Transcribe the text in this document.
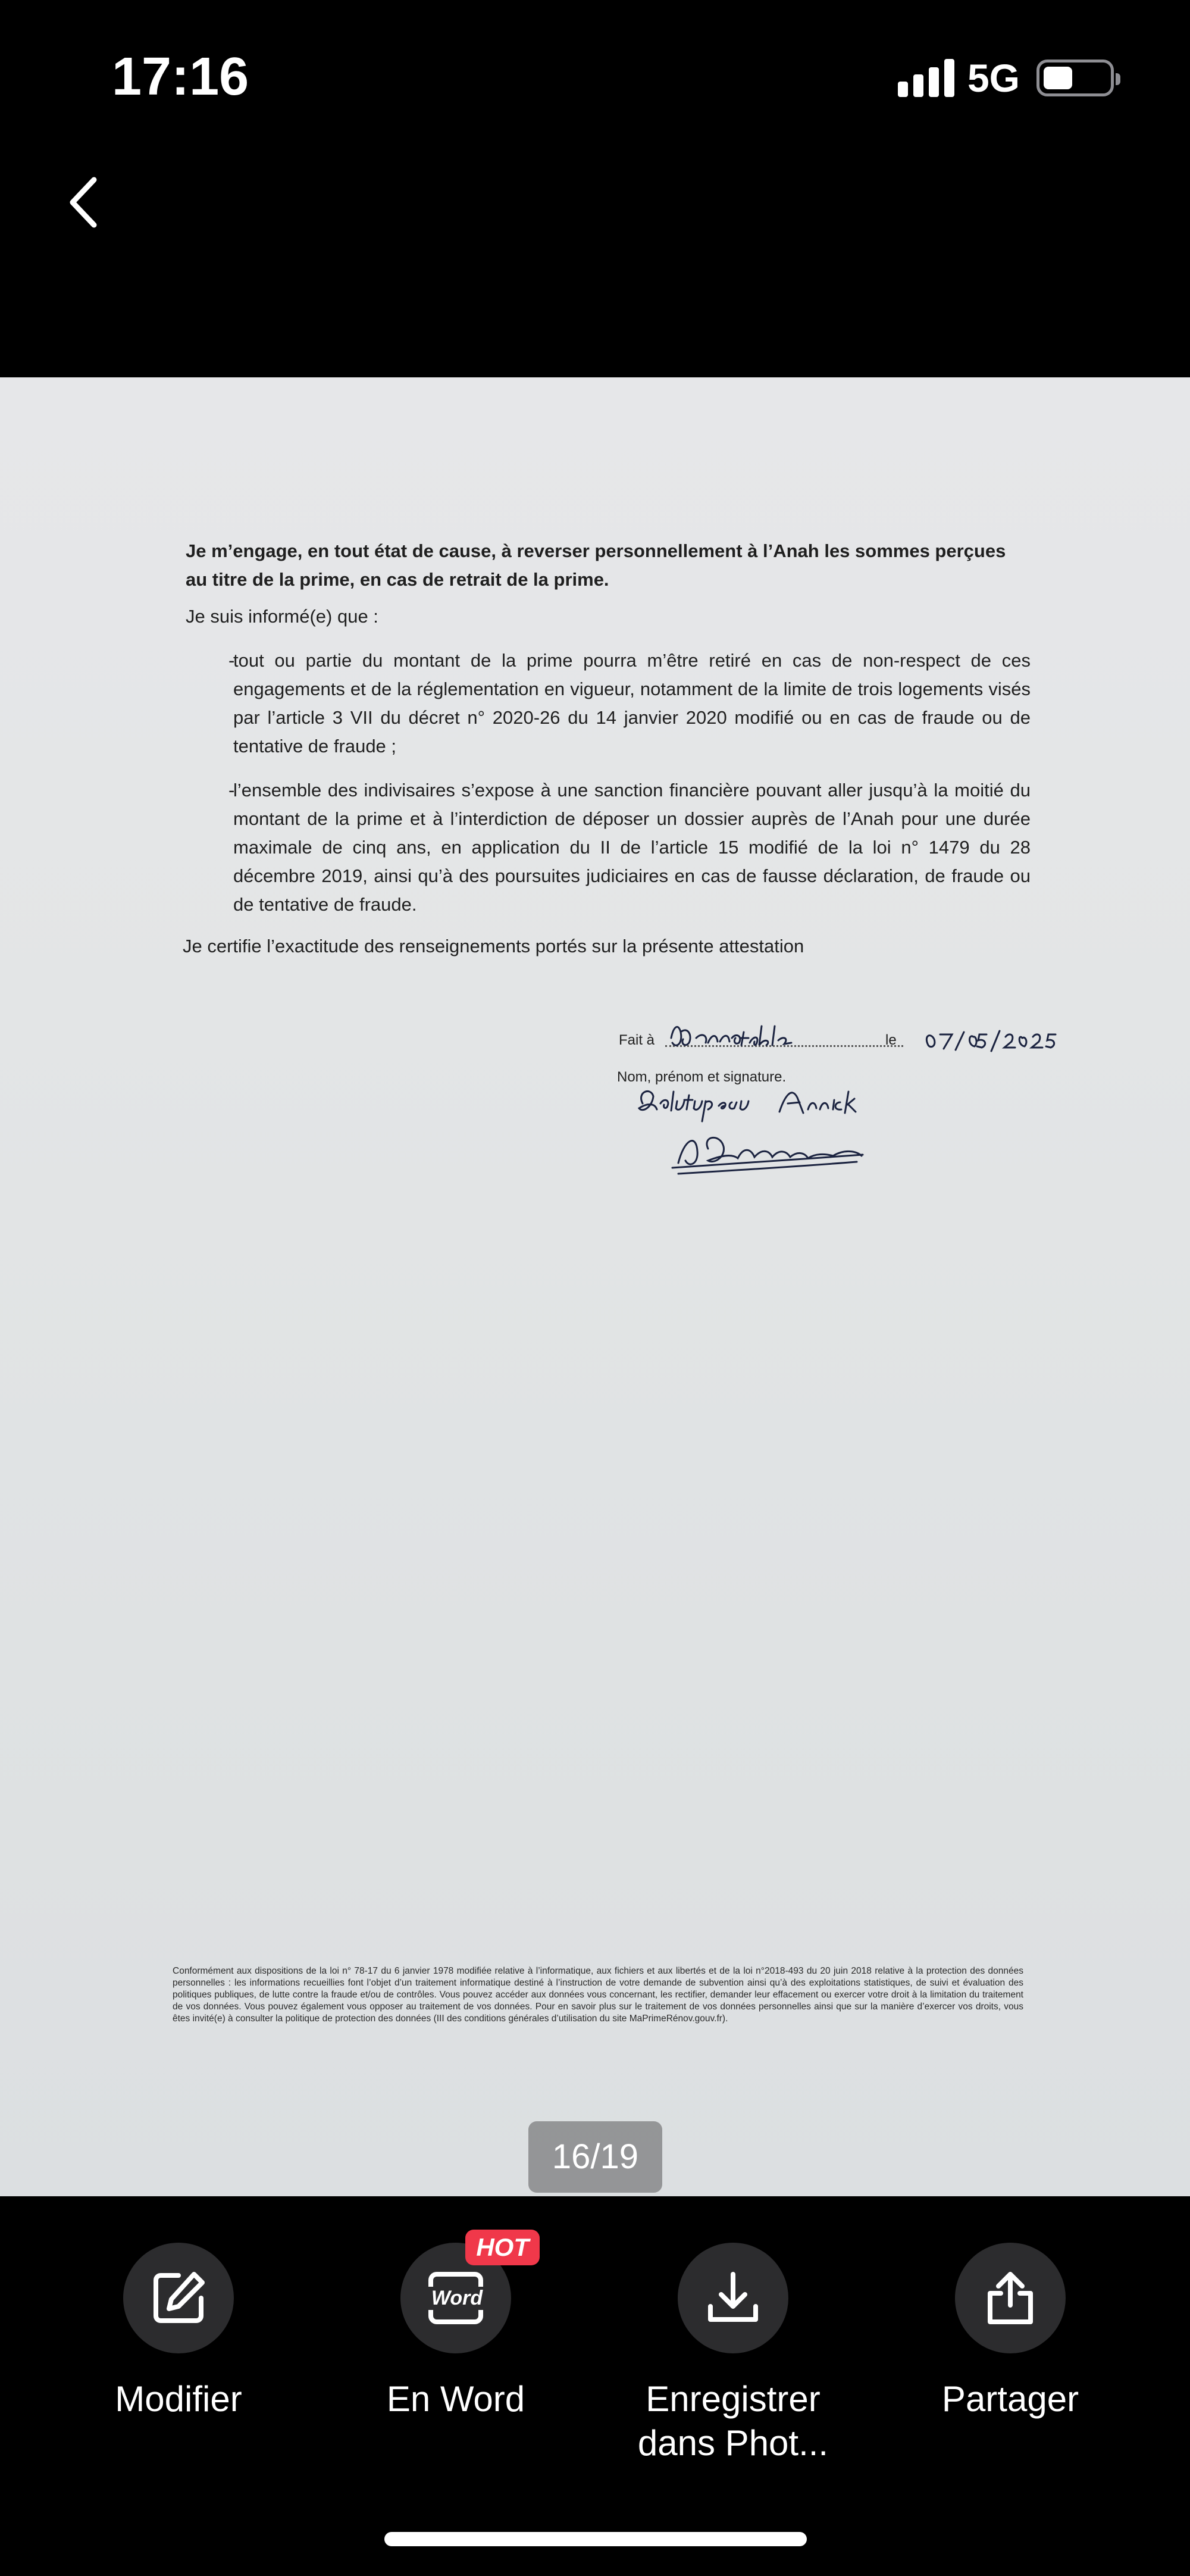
17:16	5G
Je m’engage, en tout état de cause, à reverser personnellement à l’Anah les sommes perçues au titre de la prime, en cas de retrait de la prime.
Je suis informé(e) que :
-
tout ou partie du montant de la prime pourra m’être retiré en cas de non-respect de ces engagements et de la réglementation en vigueur, notamment de la limite de trois logements visés par l’article 3 VII du décret n° 2020-26 du 14 janvier 2020 modifié ou en cas de fraude ou de tentative de fraude ;
-
l’ensemble des indivisaires s’expose à une sanction financière pouvant aller jusqu’à la moitié du montant de la prime et à l’interdiction de déposer un dossier auprès de l’Anah pour une durée maximale de cinq ans, en application du II de l’article 15 modifié de la loi n° 1479 du 28 décembre 2019, ainsi qu’à des poursuites judiciaires en cas de fausse déclaration, de fraude ou de tentative de fraude.
Je certifie l’exactitude des renseignements portés sur la présente attestation
Fait à	le
Nom, prénom et signature.
Conformément aux dispositions de la loi n° 78-17 du 6 janvier 1978 modifiée relative à l’informatique, aux fichiers et aux libertés et de la loi n°2018-493 du 20 juin 2018 relative à la protection des données personnelles : les informations recueillies font l’objet d’un traitement informatique destiné à l’instruction de votre demande de subvention ainsi qu’à des exploitations statistiques, de suivi et évaluation des politiques publiques, de lutte contre la fraude et/ou de contrôles. Vous pouvez accéder aux données vous concernant, les rectifier, demander leur effacement ou exercer votre droit à la limitation du traitement de vos données. Vous pouvez également vous opposer au traitement de vos données. Pour en savoir plus sur le traitement de vos données personnelles ainsi que sur la manière d’exercer vos droits, vous êtes invité(e) à consulter la politique de protection des données (III des conditions générales d’utilisation du site MaPrimeRénov.gouv.fr).
16/19
Modifier
Word
HOT
En Word	Enregistrer dans Phot...
Partager
